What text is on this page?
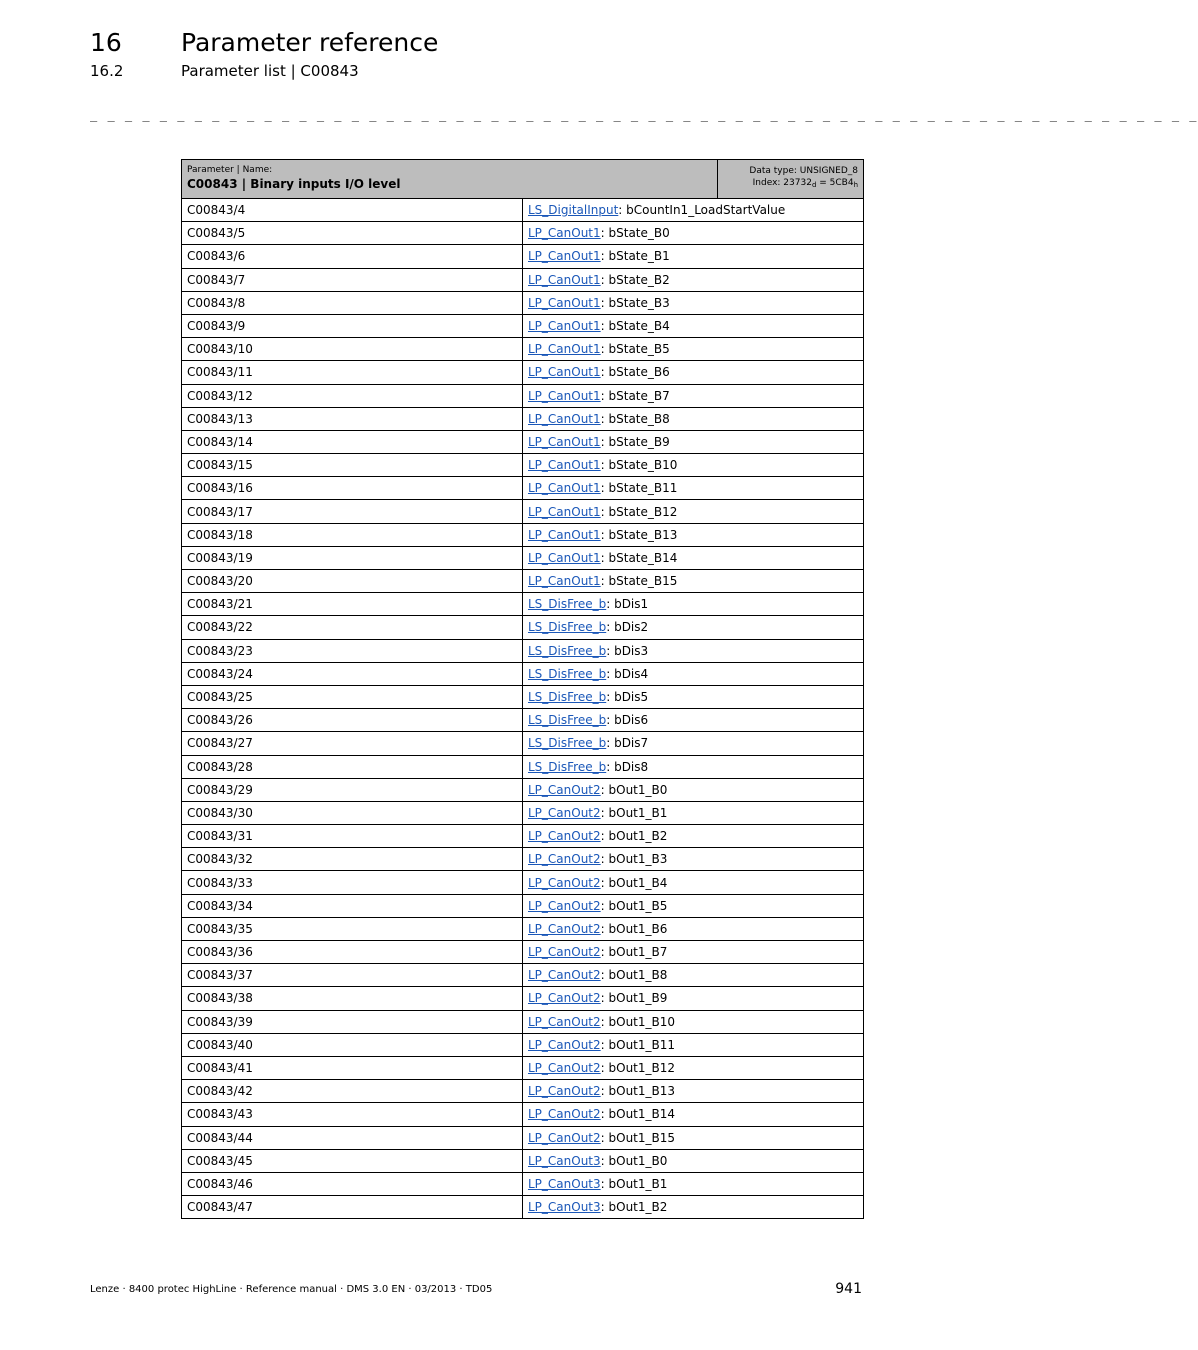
16 Parameter reference
16.2	Parameter list | C00843
_ _ _ _ _ _ _ _ _ _ _ _ _ _ _ _ _ _ _ _ _ _ _ _ _ _ _ _ _ _ _ _ _ _ _ _ _ _ _ _ _ _ _ _ _ _ _ _ _ _ _ _ _ _ _ _ _ _ _ _ _ _ _ _
Parameter | Name:
C00843 | Binary inputs I/O level
Data type: UNSIGNED_8
Index: $23732_d = 5CB4_h$

C00843/4	LS_DigitalInput: bCountIn1_LoadStartValue
C00843/5	LP_CanOut1: bState_B0
C00843/6	LP_CanOut1: bState_B1
C00843/7	LP_CanOut1: bState_B2
C00843/8	LP_CanOut1: bState_B3
C00843/9	LP_CanOut1: bState_B4
C00843/10	LP_CanOut1: bState_B5
C00843/11	LP_CanOut1: bState_B6
C00843/12	LP_CanOut1: bState_B7
C00843/13	LP_CanOut1: bState_B8
C00843/14	LP_CanOut1: bState_B9
C00843/15	LP_CanOut1: bState_B10
C00843/16	LP_CanOut1: bState_B11
C00843/17	LP_CanOut1: bState_B12
C00843/18	LP_CanOut1: bState_B13
C00843/19	LP_CanOut1: bState_B14
C00843/20	LP_CanOut1: bState_B15
C00843/21	LS_DisFree_b: bDis1
C00843/22	LS_DisFree_b: bDis2
C00843/23	LS_DisFree_b: bDis3
C00843/24	LS_DisFree_b: bDis4
C00843/25	LS_DisFree_b: bDis5
C00843/26	LS_DisFree_b: bDis6
C00843/27	LS_DisFree_b: bDis7
C00843/28	LS_DisFree_b: bDis8
C00843/29	LP_CanOut2: bOut1_B0
C00843/30	LP_CanOut2: bOut1_B1
C00843/31	LP_CanOut2: bOut1_B2
C00843/32	LP_CanOut2: bOut1_B3
C00843/33	LP_CanOut2: bOut1_B4
C00843/34	LP_CanOut2: bOut1_B5
C00843/35	LP_CanOut2: bOut1_B6
C00843/36	LP_CanOut2: bOut1_B7
C00843/37	LP_CanOut2: bOut1_B8
C00843/38	LP_CanOut2: bOut1_B9
C00843/39	LP_CanOut2: bOut1_B10
C00843/40	LP_CanOut2: bOut1_B11
C00843/41	LP_CanOut2: bOut1_B12
C00843/42	LP_CanOut2: bOut1_B13
C00843/43	LP_CanOut2: bOut1_B14
C00843/44	LP_CanOut2: bOut1_B15
C00843/45	LP_CanOut3: bOut1_B0
C00843/46	LP_CanOut3: bOut1_B1
C00843/47	LP_CanOut3: bOut1_B2
Lenze · 8400 protec HighLine · Reference manual · DMS 3.0 EN · 03/2013 · TD05	941
